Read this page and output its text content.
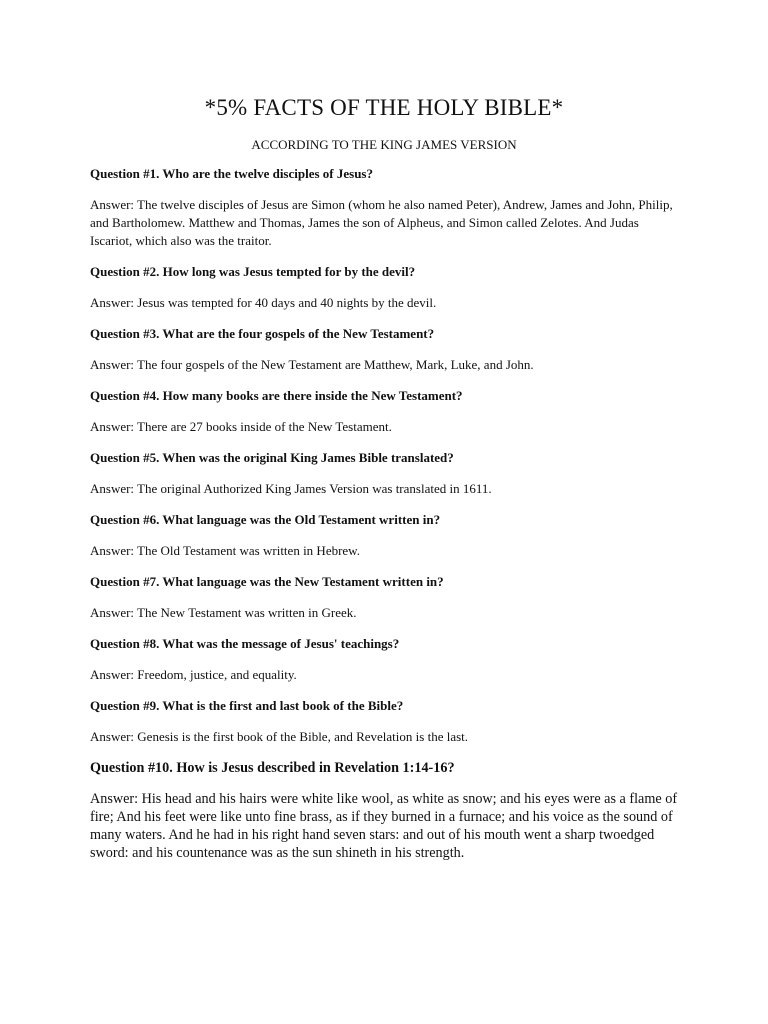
*5% FACTS OF THE HOLY BIBLE*
ACCORDING TO THE KING JAMES VERSION

Question #1. Who are the twelve disciples of Jesus?

Answer: The twelve disciples of Jesus are Simon (whom he also named Peter), Andrew, James and John, Philip, and Bartholomew. Matthew and Thomas, James the son of Alpheus, and Simon called Zelotes. And Judas Iscariot, which also was the traitor.

Question #2. How long was Jesus tempted for by the devil?

Answer: Jesus was tempted for 40 days and 40 nights by the devil.

Question #3. What are the four gospels of the New Testament?

Answer: The four gospels of the New Testament are Matthew, Mark, Luke, and John.

Question #4. How many books are there inside the New Testament?

Answer: There are 27 books inside of the New Testament.

Question #5. When was the original King James Bible translated?

Answer: The original Authorized King James Version was translated in 1611.

Question #6. What language was the Old Testament written in?

Answer: The Old Testament was written in Hebrew.

Question #7. What language was the New Testament written in?

Answer: The New Testament was written in Greek.

Question #8. What was the message of Jesus' teachings?

Answer: Freedom, justice, and equality.

Question #9. What is the first and last book of the Bible?

Answer: Genesis is the first book of the Bible, and Revelation is the last.

Question #10. How is Jesus described in Revelation 1:14-16?

Answer: His head and his hairs were white like wool, as white as snow; and his eyes were as a flame of fire; And his feet were like unto fine brass, as if they burned in a furnace; and his voice as the sound of many waters. And he had in his right hand seven stars: and out of his mouth went a sharp twoedged sword: and his countenance was as the sun shineth in his strength.
